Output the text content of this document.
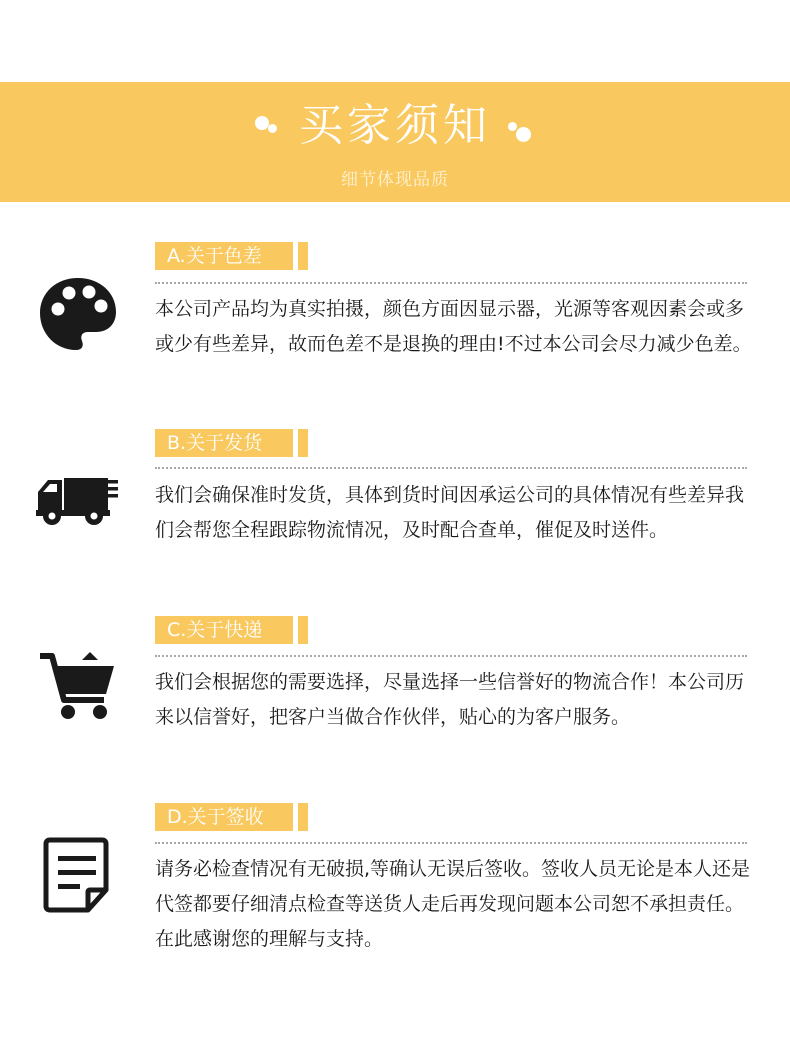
买家须知
细节体现品质
A.关于色差
本公司产品均为真实拍摄，颜色方面因显示器，光源等客观因素会或多或少有些差异，故而色差不是退换的理由!不过本公司会尽力减少色差。
B.关于发货
我们会确保准时发货，具体到货时间因承运公司的具体情况有些差异我们会帮您全程跟踪物流情况，及时配合查单，催促及时送件。
C.关于快递
我们会根据您的需要选择，尽量选择一些信誉好的物流合作！本公司历来以信誉好，把客户当做合作伙伴，贴心的为客户服务。
D.关于签收
请务必检查情况有无破损,等确认无误后签收。签收人员无论是本人还是代签都要仔细清点检查等送货人走后再发现问题本公司恕不承担责任。在此感谢您的理解与支持。
